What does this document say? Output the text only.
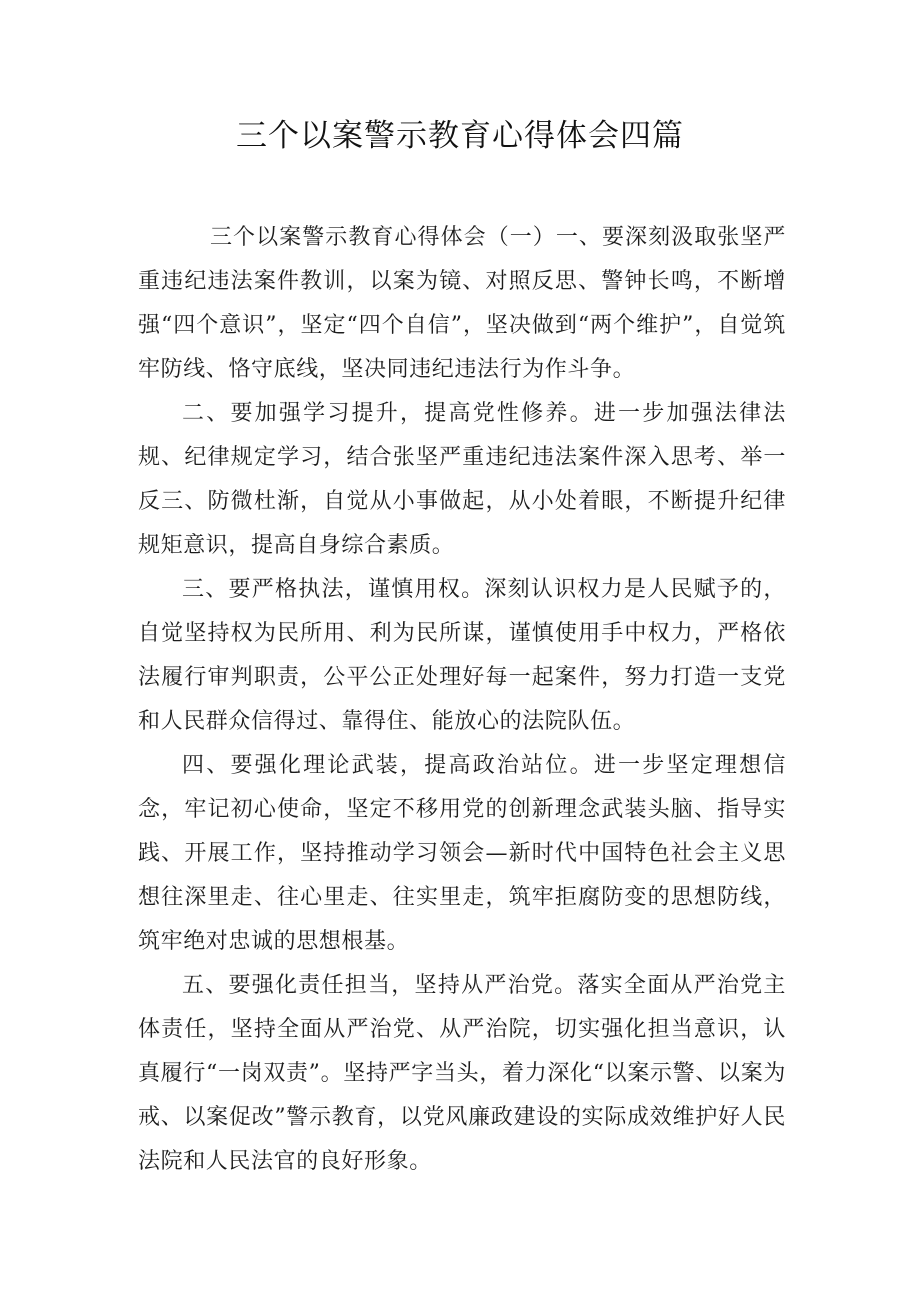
三个以案警示教育心得体会四篇

三个以案警示教育心得体会（一）一、要深刻汲取张坚严重违纪违法案件教训，以案为镜、对照反思、警钟长鸣，不断增强“四个意识”，坚定“四个自信”，坚决做到“两个维护”，自觉筑牢防线、恪守底线，坚决同违纪违法行为作斗争。

二、要加强学习提升，提高党性修养。进一步加强法律法规、纪律规定学习，结合张坚严重违纪违法案件深入思考、举一反三、防微杜渐，自觉从小事做起，从小处着眼，不断提升纪律规矩意识，提高自身综合素质。

三、要严格执法，谨慎用权。深刻认识权力是人民赋予的，自觉坚持权为民所用、利为民所谋，谨慎使用手中权力，严格依法履行审判职责，公平公正处理好每一起案件，努力打造一支党和人民群众信得过、靠得住、能放心的法院队伍。

四、要强化理论武装，提高政治站位。进一步坚定理想信念，牢记初心使命，坚定不移用党的创新理念武装头脑、指导实践、开展工作，坚持推动学习领会—新时代中国特色社会主义思想往深里走、往心里走、往实里走，筑牢拒腐防变的思想防线，筑牢绝对忠诚的思想根基。

五、要强化责任担当，坚持从严治党。落实全面从严治党主体责任，坚持全面从严治党、从严治院，切实强化担当意识，认真履行“一岗双责”。坚持严字当头，着力深化“以案示警、以案为戒、以案促改”警示教育，以党风廉政建设的实际成效维护好人民法院和人民法官的良好形象。
